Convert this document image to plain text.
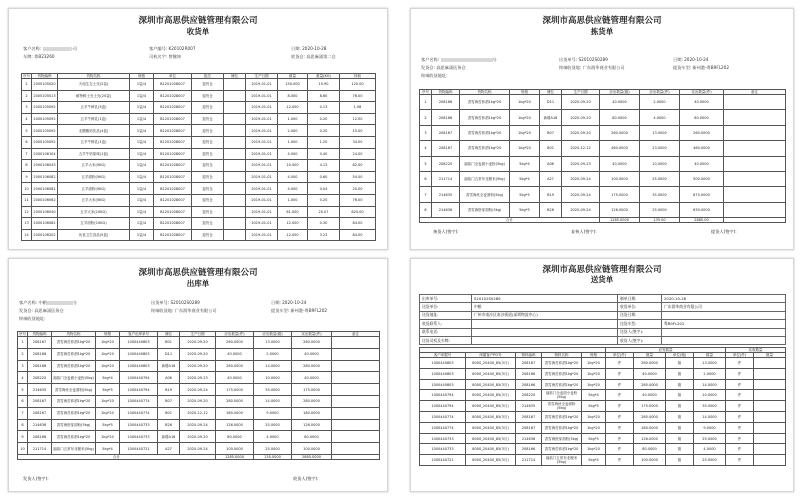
深圳市高思供应链管理有限公司
收货单
客户名称:	公司	客户编号: K20102R007	日期: 2020-10-28
车牌: 粤B23260	司机名字: 曾继坤	收货仓: 高思麻涌第二仓
序号	货物编码	货物名称	规格	单位	批次	储位	生产日期	数量	重量(KG)	体积
1	2000105020	天南生态土壳(2袋)	1袋/4	B1201028007	退货仓		2019-01-01	150.000	15.90	120.00
2	2000105013	耐特鲜土壳土壳(20袋)	1袋/4	B1201028007	退货仓		2019-01-01	8.000	8.60	76.00
3	2000105092	五羊牛鲜乳(5盒)	1袋/4	B1201028007	退货仓		2019-01-01	12.000	0.13	1.08
4	2000105092	五羊牛鲜乳(1盒)	1袋/4	B1201028007	退货仓		2019-01-01	1.000	0.20	12.00
5	2000105092	无糖酸奶饮品(4盒)	1袋/4	B1201028007	退货仓		2019-01-01	2.000	0.20	15.00
6	2000105092	五羊牛鲜乳(1盒)	1袋/4	B1201028007	退货仓		2019-01-01	1.000	1.20	34.00
7	2000106104	五羊牛奶原味(1盒)	1袋/4	B1201028007	退货仓		2019-01-01	4.000	0.40	24.00
8	2000106043	五羊大米(5KG)	1袋/4	B1201028007	退货仓		2019-01-01	10.000	4.13	82.00
9	2000106082	五羊面粉(5KG)	1袋/4	B1201028007	退货仓		2019-01-01	4.000	0.60	54.00
10	2000106081	五羊面粉(5KG)	1袋/4	B1201028007	退货仓		2019-01-01	4.000	0.04	20.00
11	2000106062	五羊大米(5KG)	1袋/4	B1201028007	退货仓		2019-01-01	1.000	0.20	76.00
12	2000106040	五羊大米(10KG)	1袋/4	B1201028007	退货仓		2019-01-01	61.000	20.07	620.00
13	2000106082	五羊面粉(10KG)	1袋/4	B1201028007	退货仓		2019-01-01	12.000	0.30	84.00
14	2000106202	优食卫生食品(5盒)	1袋/4	B1201028007	退货仓		2019-01-01	12.000	3.23	84.00
深圳市高思供应链管理有限公司
拣货单
客户名称:	分	出货单号: S20102S0289	日期: 2020-10-24
发货仓: 高思麻涌医务仓	终端收货地: 广东润华商业有限公司	提货车型: 新州港-粤B9FL202
终端收货地址:
序号	货物编码	货物名称	规格	储位	生产日期	应出数量(箱)	应出数量(件)	实出数量(件)	备注
1	208166	香雪海苦荞酒1kg*20	1kg*20	D11	2020-09-20	40.0000	2.0000	40.0000	
2	208166	香雪海苦荞酒1kg*20	1kg*20	新增A16	2020-09-20	80.0000	4.0000	80.0000	
3	208167	香雪海苦荞酒1kg*20	1kg*20	B07	2020-09-20	260.0000	13.0000	260.0000	
4	208167	香雪海苦荞酒1kg*20	1kg*20	B01	2020-12-12	460.0000	23.0000	460.0000	
5	208220	福临门全麦面小麦粉(5kg)	5kg*4	A06	2020-09-23	40.0000	10.0000	40.0000	
6	211714	福临门五常东北粳米(5kg)	5kg*4	A27	2020-09-24	100.0000	25.0000	500.0000	
7	214635	香雪海丝全麦面粉(5kg)	5kg*5	B19	2020-09-24	175.0000	35.0000	875.0000	
8	214636	香雪海胚芽面粉(5kg)	5kg*5	B26	2020-09-24	126.0000	25.0000	630.0000	
合计						1285.0000	135.00	2885.00	
备货人(签字):	复核人(签字):	提货人(签字):
深圳市高思供应链管理有限公司
出库单
客户名称: 中粮	分	出货单号: S20102S0289	日期: 2020-10-24
发货仓: 高思麻涌医务仓	终端收货地: 广东润华商业有限公司	提货车型: 新州港-粤B9FL202
终端收货地址:
序号	货物编码	货物名称	规格	客户出库单号	储位	生产日期	应出数量(件)	应出数量(箱)	实出数量(件)	备注
1	208167	香雪海苦荞酒1kg*20	1kg*20	1000440803	B01	2020-09-20	260.0000	13.0000	260.0000	
2	208166	香雪海苦荞酒1kg*20	1kg*20	1000440803	D11	2020-09-20	40.0000	2.0000	40.0000	
3	208166	香雪海苦荞酒1kg*20	1kg*20	1000440803	新增A16	2020-09-20	280.0000	14.0000	280.0000	
4	208220	福临门全麦面小麦粉(5kg)	5kg*4	1000440794	A06	2020-09-23	40.0000	10.0000	40.0000	
5	214635	香雪海丝全麦面粉(5kg)	5kg*5	1000440794	B19	2020-09-24	175.0000	35.0000	175.0000	
6	208167	香雪海苦荞酒1kg*20	1kg*20	1000440774	B07	2020-09-20	280.0000	14.0000	280.0000	
7	208167	香雪海苦荞酒1kg*20	1kg*20	1000440774	B01	2020-12-12	180.0000	9.0000	180.0000	
8	214636	香雪海胚芽面粉(5kg)	5kg*5	1000440733	B26	2020-09-24	126.0000	25.0000	126.0000	
9	208166	香雪海苦荞酒1kg*20	1kg*20	1000440733	新增A16	2020-09-20	80.0000	4.0000	80.0000	
10	211714	福临门五常东北粳米(5kg)	5kg*4	1000440721	A27	2020-09-24	100.0000	25.0000	100.0000	
合计							1285.0000	135.0000	2885.0000	
发货人(签字):	收货人(签字):
深圳市高思供应链管理有限公司
送货单
出库单号:	S20102S0289	制单日期:	2020-10-28
送货单位:	中粮	收货单位:	广东润华商业有限公司
送货地址:	广州市南沙区南沙街道(深圳物流中心)	送货日期:	
收货联系人:		送货车型:	粤B9FL202
联系电话:		送货人(签字):	
送货司机及车牌:		收货人(签字):	
					应发数量				实收数量	
客户单据号	终端客户PO号	物料编码	物料名称	规格	单位(件)	数量	单位(箱)	数量	单位(件)	数量
1000440803	8000_20400_85(3月)	208167	香雪海苦荞酒1kg*20	1kg*20	件	260.0000	箱	13.0000	件	
1000440803	8000_20400_85(3月)	208166	香雪海苦荞酒1kg*20	1kg*20	件	40.0000	箱	2.0000	件	
1000440803	8000_20400_85(3月)	208166	香雪海苦荞酒1kg*20	1kg*20	件	280.0000	箱	14.0000	件	
1000440794	8000_20400_85(3月)	208220	福临门全麦面小麦粉(5kg)	5kg*4	件	40.0000	箱	10.0000	件	
1000440794	8000_20400_85(3月)	214635	香雪海丝全麦面粉(5kg)	5kg*5	件	175.0000	箱	35.0000	件	
1000440774	8000_20400_85(3月)	208167	香雪海苦荞酒1kg*20	1kg*20	件	280.0000	箱	14.0000	件	
1000440774	8000_20400_85(3月)	208167	香雪海苦荞酒1kg*20	1kg*20	件	180.0000	箱	9.0000	件	
1000440733	8000_20400_85(3月)	214636	香雪海胚芽面粉(5kg)	5kg*5	件	126.0000	箱	25.0000	件	
1000440733	8000_20400_85(3月)	208166	香雪海苦荞酒1kg*20	1kg*20	件	80.0000	箱	4.0000	件	
1000440721	8000_20400_85(3月)	211714	福临门五常东北粳米(5kg)	5kg*4	件	100.0000	箱	25.0000	件	
